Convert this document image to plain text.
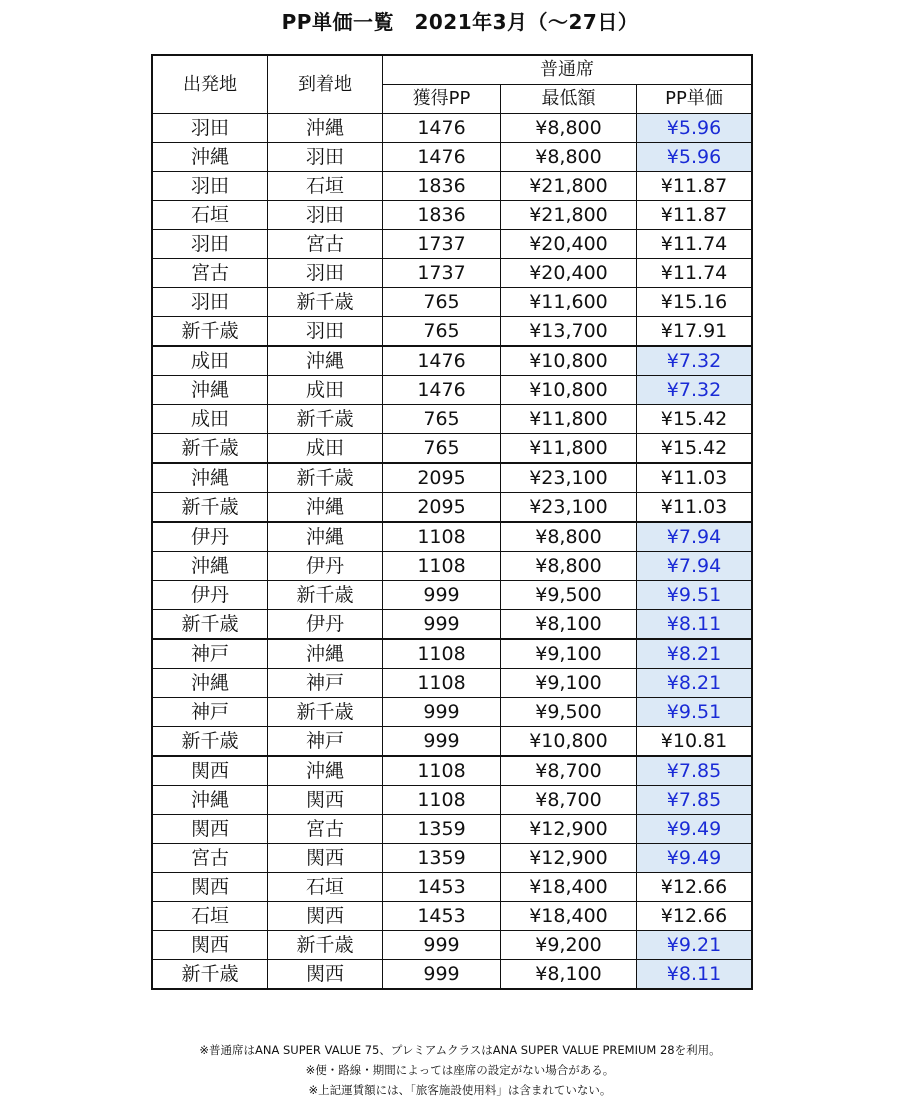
PP単価一覧　2021年3月（～27日）
出発地	到着地	普通席		
		獲得PP	最低額	PP単価
羽田	沖縄	1476	¥8,800	¥5.96
沖縄	羽田	1476	¥8,800	¥5.96
羽田	石垣	1836	¥21,800	¥11.87
石垣	羽田	1836	¥21,800	¥11.87
羽田	宮古	1737	¥20,400	¥11.74
宮古	羽田	1737	¥20,400	¥11.74
羽田	新千歳	765	¥11,600	¥15.16
新千歳	羽田	765	¥13,700	¥17.91
成田	沖縄	1476	¥10,800	¥7.32
沖縄	成田	1476	¥10,800	¥7.32
成田	新千歳	765	¥11,800	¥15.42
新千歳	成田	765	¥11,800	¥15.42
沖縄	新千歳	2095	¥23,100	¥11.03
新千歳	沖縄	2095	¥23,100	¥11.03
伊丹	沖縄	1108	¥8,800	¥7.94
沖縄	伊丹	1108	¥8,800	¥7.94
伊丹	新千歳	999	¥9,500	¥9.51
新千歳	伊丹	999	¥8,100	¥8.11
神戸	沖縄	1108	¥9,100	¥8.21
沖縄	神戸	1108	¥9,100	¥8.21
神戸	新千歳	999	¥9,500	¥9.51
新千歳	神戸	999	¥10,800	¥10.81
関西	沖縄	1108	¥8,700	¥7.85
沖縄	関西	1108	¥8,700	¥7.85
関西	宮古	1359	¥12,900	¥9.49
宮古	関西	1359	¥12,900	¥9.49
関西	石垣	1453	¥18,400	¥12.66
石垣	関西	1453	¥18,400	¥12.66
関西	新千歳	999	¥9,200	¥9.21
新千歳	関西	999	¥8,100	¥8.11
※普通席はANA SUPER VALUE 75、プレミアムクラスはANA SUPER VALUE PREMIUM 28を利用。
※便・路線・期間によっては座席の設定がない場合がある。
※上記運賃額には、「旅客施設使用料」は含まれていない。
